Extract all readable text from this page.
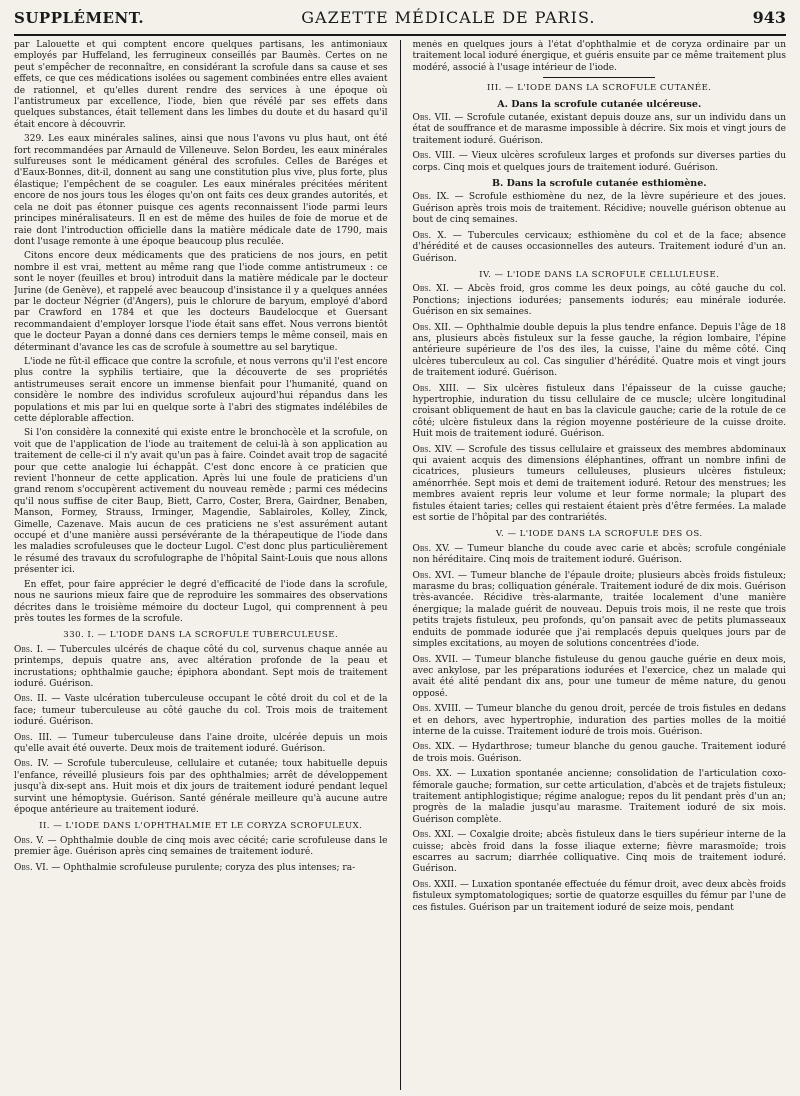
SUPPLÉMENT.	GAZETTE MÉDICALE DE PARIS.	943

par Lalouette et qui comptent encore quelques partisans, les antimoniaux employés par Huffeland, les ferrugineux conseillés par Baumès. Certes on ne peut s'empêcher de reconnaître, en considérant la scrofule dans sa cause et ses effets, ce que ces médications isolées ou sagement combinées entre elles avaient de rationnel, et qu'elles durent rendre des services à une époque où l'antistrumeux par excellence, l'iode, bien que révélé par ses effets dans quelques substances, était tellement dans les limbes du doute et du hasard qu'il était encore à découvrir.

329. Les eaux minérales salines, ainsi que nous l'avons vu plus haut, ont été fort recommandées par Arnauld de Villeneuve. Selon Bordeu, les eaux minérales sulfureuses sont le médicament général des scrofules. Celles de Baréges et d'Eaux-Bonnes, dit-il, donnent au sang une constitution plus vive, plus forte, plus élastique; l'empêchent de se coaguler. Les eaux minérales précitées méritent encore de nos jours tous les éloges qu'on ont faits ces deux grandes autorités, et cela ne doit pas étonner puisque ces agents reconnaissent l'iode parmi leurs principes minéralisateurs. Il en est de même des huiles de foie de morue et de raie dont l'introduction officielle dans la matière médicale date de 1790, mais dont l'usage remonte à une époque beaucoup plus reculée.

Citons encore deux médicaments que des praticiens de nos jours, en petit nombre il est vrai, mettent au même rang que l'iode comme antistrumeux : ce sont le noyer (feuilles et brou) introduit dans la matière médicale par le docteur Jurine (de Genève), et rappelé avec beaucoup d'insistance il y a quelques années par le docteur Négrier (d'Angers), puis le chlorure de baryum, employé d'abord par Crawford en 1784 et que les docteurs Baudelocque et Guersant recommandaient d'employer lorsque l'iode était sans effet. Nous verrons bientôt que le docteur Payan a donné dans ces derniers temps le même conseil, mais en déterminant d'avance les cas de scrofule à soumettre au sel barytique.

L'iode ne fût-il efficace que contre la scrofule, et nous verrons qu'il l'est encore plus contre la syphilis tertiaire, que la découverte de ses propriétés antistrumeuses serait encore un immense bienfait pour l'humanité, quand on considère le nombre des individus scrofuleux aujourd'hui répandus dans les populations et mis par lui en quelque sorte à l'abri des stigmates indélébiles de cette déplorable affection.

Si l'on considère la connexité qui existe entre le bronchocèle et la scrofule, on voit que de l'application de l'iode au traitement de celui-là à son application au traitement de celle-ci il n'y avait qu'un pas à faire. Coindet avait trop de sagacité pour que cette analogie lui échappât. C'est donc encore à ce praticien que revient l'honneur de cette application. Après lui une foule de praticiens d'un grand renom s'occupèrent activement du nouveau remède ; parmi ces médecins qu'il nous suffise de citer Baup, Biett, Carro, Coster, Brera, Gairdner, Benaben, Manson, Formey, Strauss, Irminger, Magendie, Sablairoles, Kolley, Zinck, Gimelle, Cazenave. Mais aucun de ces praticiens ne s'est assurément autant occupé et d'une manière aussi persévérante de la thérapeutique de l'iode dans les maladies scrofuleuses que le docteur Lugol. C'est donc plus particulièrement le résumé des travaux du scrofulographe de l'hôpital Saint-Louis que nous allons présenter ici.

En effet, pour faire apprécier le degré d'efficacité de l'iode dans la scrofule, nous ne saurions mieux faire que de reproduire les sommaires des observations décrites dans le troisième mémoire du docteur Lugol, qui comprennent à peu près toutes les formes de la scrofule.

330. I. — L'IODE DANS LA SCROFULE TUBERCULEUSE.

Obs. I. — Tubercules ulcérés de chaque côté du col, survenus chaque année au printemps, depuis quatre ans, avec altération profonde de la peau et incrustations; ophthalmie gauche; épiphora abondant. Sept mois de traitement ioduré. Guérison.

Obs. II. — Vaste ulcération tuberculeuse occupant le côté droit du col et de la face; tumeur tuberculeuse au côté gauche du col. Trois mois de traitement ioduré. Guérison.

Obs. III. — Tumeur tuberculeuse dans l'aine droite, ulcérée depuis un mois qu'elle avait été ouverte. Deux mois de traitement ioduré. Guérison.

Obs. IV. — Scrofule tuberculeuse, cellulaire et cutanée; toux habituelle depuis l'enfance, réveillé plusieurs fois par des ophthalmies; arrêt de développement jusqu'à dix-sept ans. Huit mois et dix jours de traitement ioduré pendant lequel survint une hémoptysie. Guérison. Santé générale meilleure qu'à aucune autre époque antérieure au traitement ioduré.

II. — L'IODE DANS L'OPHTHALMIE ET LE CORYZA SCROFULEUX.

Obs. V. — Ophthalmie double de cinq mois avec cécité; carie scrofuleuse dans le premier âge. Guérison après cinq semaines de traitement ioduré.

Obs. VI. — Ophthalmie scrofuleuse purulente; coryza des plus intenses; ra-

menés en quelques jours à l'état d'ophthalmie et de coryza ordinaire par un traitement local ioduré énergique, et guéris ensuite par ce même traitement plus modéré, associé à l'usage intérieur de l'iode.

III. — L'IODE DANS LA SCROFULE CUTANÉE.
A. Dans la scrofule cutanée ulcéreuse.

Obs. VII. — Scrofule cutanée, existant depuis douze ans, sur un individu dans un état de souffrance et de marasme impossible à décrire. Six mois et vingt jours de traitement ioduré. Guérison.

Obs. VIII. — Vieux ulcères scrofuleux larges et profonds sur diverses parties du corps. Cinq mois et quelques jours de traitement ioduré. Guérison.

B. Dans la scrofule cutanée esthiomène.

Obs. IX. — Scrofule esthiomène du nez, de la lèvre supérieure et des joues. Guérison après trois mois de traitement. Récidive; nouvelle guérison obtenue au bout de cinq semaines.

Obs. X. — Tubercules cervicaux; esthiomène du col et de la face; absence d'hérédité et de causes occasionnelles des auteurs. Traitement ioduré d'un an. Guérison.

IV. — L'IODE DANS LA SCROFULE CELLULEUSE.

Obs. XI. — Abcès froid, gros comme les deux poings, au côté gauche du col. Ponctions; injections iodurées; pansements iodurés; eau minérale iodurée. Guérison en six semaines.

Obs. XII. — Ophthalmie double depuis la plus tendre enfance. Depuis l'âge de 18 ans, plusieurs abcès fistuleux sur la fesse gauche, la région lombaire, l'épine antérieure supérieure de l'os des iles, la cuisse, l'aine du même côté. Cinq ulcères tuberculeux au col. Cas singulier d'hérédité. Quatre mois et vingt jours de traitement ioduré. Guérison.

Obs. XIII. — Six ulcères fistuleux dans l'épaisseur de la cuisse gauche; hypertrophie, induration du tissu cellulaire de ce muscle; ulcère longitudinal croisant obliquement de haut en bas la clavicule gauche; carie de la rotule de ce côté; ulcère fistuleux dans la région moyenne postérieure de la cuisse droite. Huit mois de traitement ioduré. Guérison.

Obs. XIV. — Scrofule des tissus cellulaire et graisseux des membres abdominaux qui avaient acquis des dimensions éléphantines, offrant un nombre infini de cicatrices, plusieurs tumeurs celluleuses, plusieurs ulcères fistuleux; aménorrhée. Sept mois et demi de traitement ioduré. Retour des menstrues; les membres avaient repris leur volume et leur forme normale; la plupart des fistules étaient taries; celles qui restaient étaient près d'être fermées. La malade est sortie de l'hôpital par des contrariétés.

V. — L'IODE DANS LA SCROFULE DES OS.

Obs. XV. — Tumeur blanche du coude avec carie et abcès; scrofule congéniale non héréditaire. Cinq mois de traitement ioduré. Guérison.

Obs. XVI. — Tumeur blanche de l'épaule droite; plusieurs abcès froids fistuleux; marasme du bras; colliquation générale. Traitement ioduré de dix mois. Guérison très-avancée. Récidive très-alarmante, traitée localement d'une manière énergique; la malade guérit de nouveau. Depuis trois mois, il ne reste que trois petits trajets fistuleux, peu profonds, qu'on pansait avec de petits plumasseaux enduits de pommade iodurée que j'ai remplacés depuis quelques jours par de simples excitations, au moyen de solutions concentrées d'iode.

Obs. XVII. — Tumeur blanche fistuleuse du genou gauche guérie en deux mois, avec ankylose, par les préparations iodurées et l'exercice, chez un malade qui avait été alité pendant dix ans, pour une tumeur de même nature, du genou opposé.

Obs. XVIII. — Tumeur blanche du genou droit, percée de trois fistules en dedans et en dehors, avec hypertrophie, induration des parties molles de la moitié interne de la cuisse. Traitement ioduré de trois mois. Guérison.

Obs. XIX. — Hydarthrose; tumeur blanche du genou gauche. Traitement ioduré de trois mois. Guérison.

Obs. XX. — Luxation spontanée ancienne; consolidation de l'articulation coxo-fémorale gauche; formation, sur cette articulation, d'abcès et de trajets fistuleux; traitement antiphlogistique; régime analogue; repos du lit pendant près d'un an; progrès de la maladie jusqu'au marasme. Traitement ioduré de six mois. Guérison complète.

Obs. XXI. — Coxalgie droite; abcès fistuleux dans le tiers supérieur interne de la cuisse; abcès froid dans la fosse iliaque externe; fièvre marasmoïde; trois escarres au sacrum; diarrhée colliquative. Cinq mois de traitement ioduré. Guérison.

Obs. XXII. — Luxation spontanée effectuée du fémur droit, avec deux abcès froids fistuleux symptomatologiques; sortie de quatorze esquilles du fémur par l'une de ces fistules. Guérison par un traitement ioduré de seize mois, pendant
